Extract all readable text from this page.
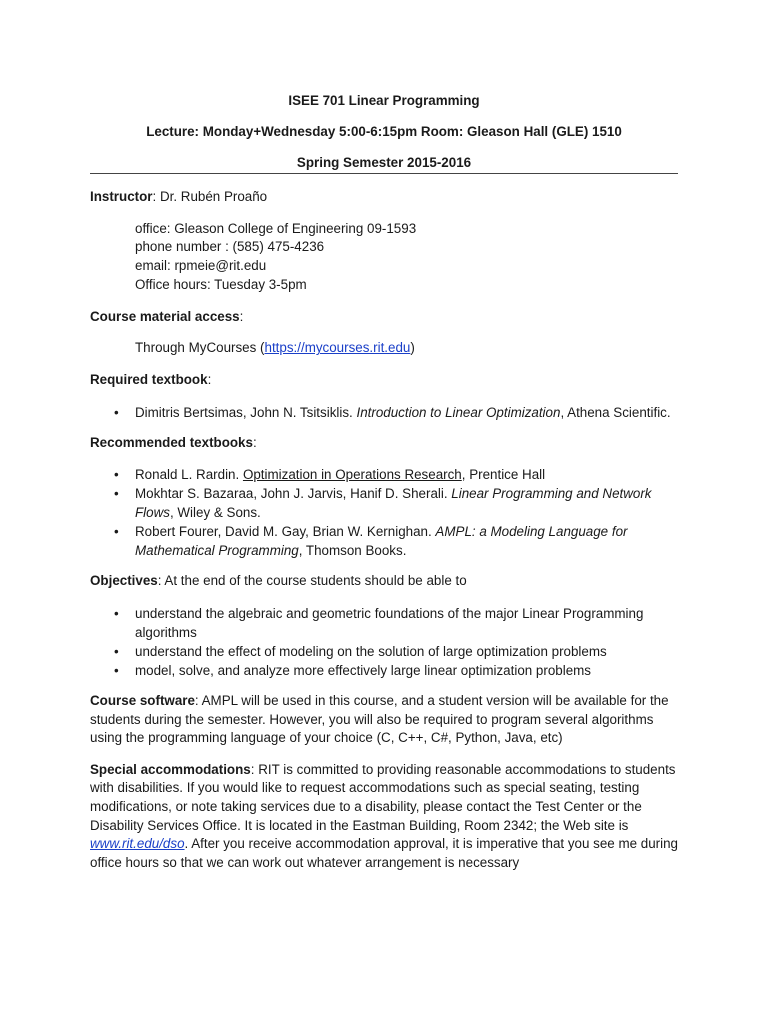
ISEE 701 Linear Programming
Lecture: Monday+Wednesday 5:00-6:15pm Room: Gleason Hall (GLE) 1510
Spring Semester 2015-2016
Instructor: Dr. Rubén Proaño
office: Gleason College of Engineering 09-1593
phone number : (585) 475-4236
email: rpmeie@rit.edu
Office hours: Tuesday 3-5pm
Course material access:
Through MyCourses (https://mycourses.rit.edu)
Required textbook:
• Dimitris Bertsimas, John N. Tsitsiklis. Introduction to Linear Optimization, Athena Scientific.
Recommended textbooks:
• Ronald L. Rardin. Optimization in Operations Research, Prentice Hall
• Mokhtar S. Bazaraa, John J. Jarvis, Hanif D. Sherali. Linear Programming and Network Flows, Wiley & Sons.
• Robert Fourer, David M. Gay, Brian W. Kernighan. AMPL: a Modeling Language for Mathematical Programming, Thomson Books.
Objectives: At the end of the course students should be able to
• understand the algebraic and geometric foundations of the major Linear Programming algorithms
• understand the effect of modeling on the solution of large optimization problems
• model, solve, and analyze more effectively large linear optimization problems
Course software: AMPL will be used in this course, and a student version will be available for the students during the semester. However, you will also be required to program several algorithms using the programming language of your choice (C, C++, C#, Python, Java, etc)
Special accommodations: RIT is committed to providing reasonable accommodations to students with disabilities. If you would like to request accommodations such as special seating, testing modifications, or note taking services due to a disability, please contact the Test Center or the Disability Services Office. It is located in the Eastman Building, Room 2342; the Web site is www.rit.edu/dso. After you receive accommodation approval, it is imperative that you see me during office hours so that we can work out whatever arrangement is necessary
